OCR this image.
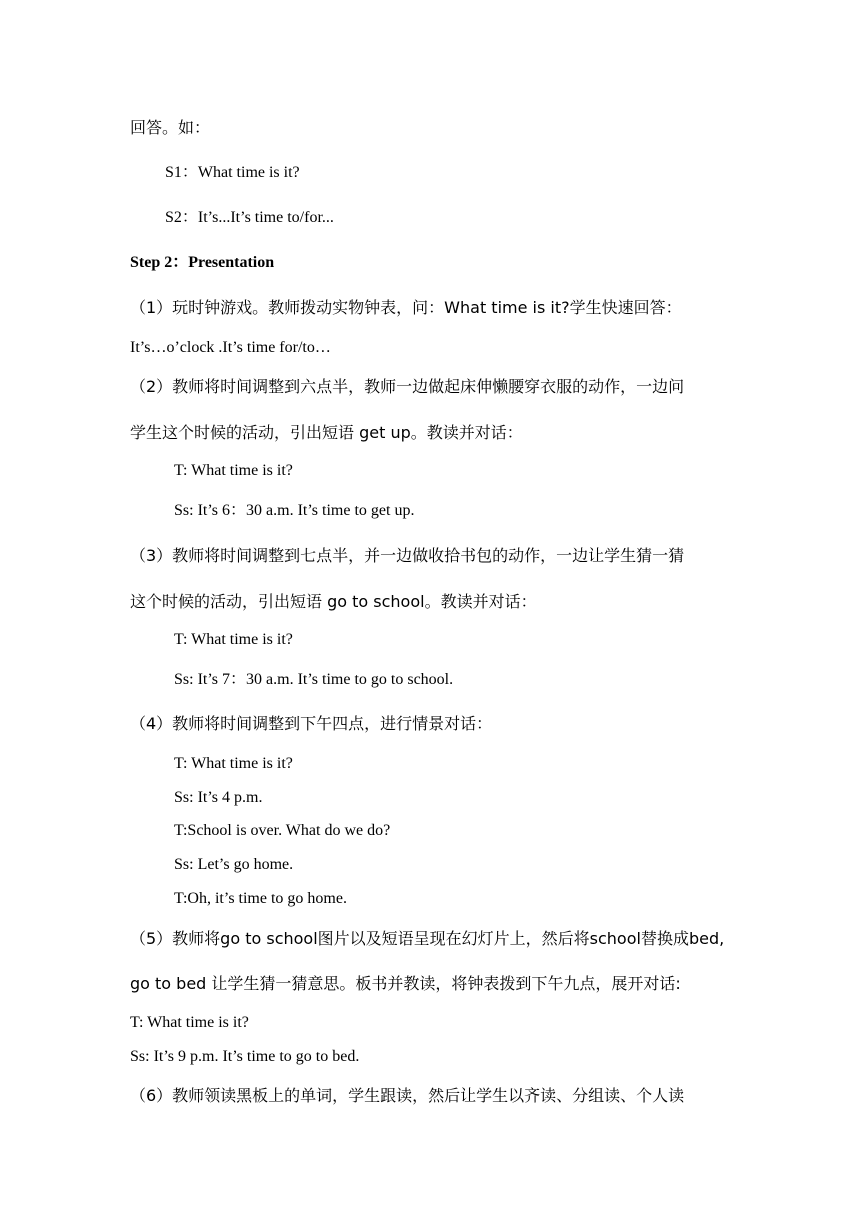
回答。如：
S1：What time is it?
S2：It’s...It’s time to/for...
Step 2：Presentation
（1）玩时钟游戏。教师拨动实物钟表，问：What time is it?学生快速回答：
It’s…o’clock .It’s time for/to…
（2）教师将时间调整到六点半，教师一边做起床伸懒腰穿衣服的动作，一边问
学生这个时候的活动，引出短语 get up。教读并对话：
T: What time is it?
Ss: It’s 6：30 a.m. It’s time to get up.
（3）教师将时间调整到七点半，并一边做收拾书包的动作，一边让学生猜一猜
这个时候的活动，引出短语 go to school。教读并对话：
T: What time is it?
Ss: It’s 7：30 a.m. It’s time to go to school.
（4）教师将时间调整到下午四点，进行情景对话：
T: What time is it?
Ss: It’s 4 p.m.
T:School is over. What do we do?
Ss: Let’s go home.
T:Oh, it’s time to go home.
（5）教师将go to school图片以及短语呈现在幻灯片上，然后将school替换成bed,
go to bed 让学生猜一猜意思。板书并教读，将钟表拨到下午九点，展开对话:
T: What time is it?
Ss: It’s 9 p.m. It’s time to go to bed.
（6）教师领读黑板上的单词，学生跟读，然后让学生以齐读、分组读、个人读
